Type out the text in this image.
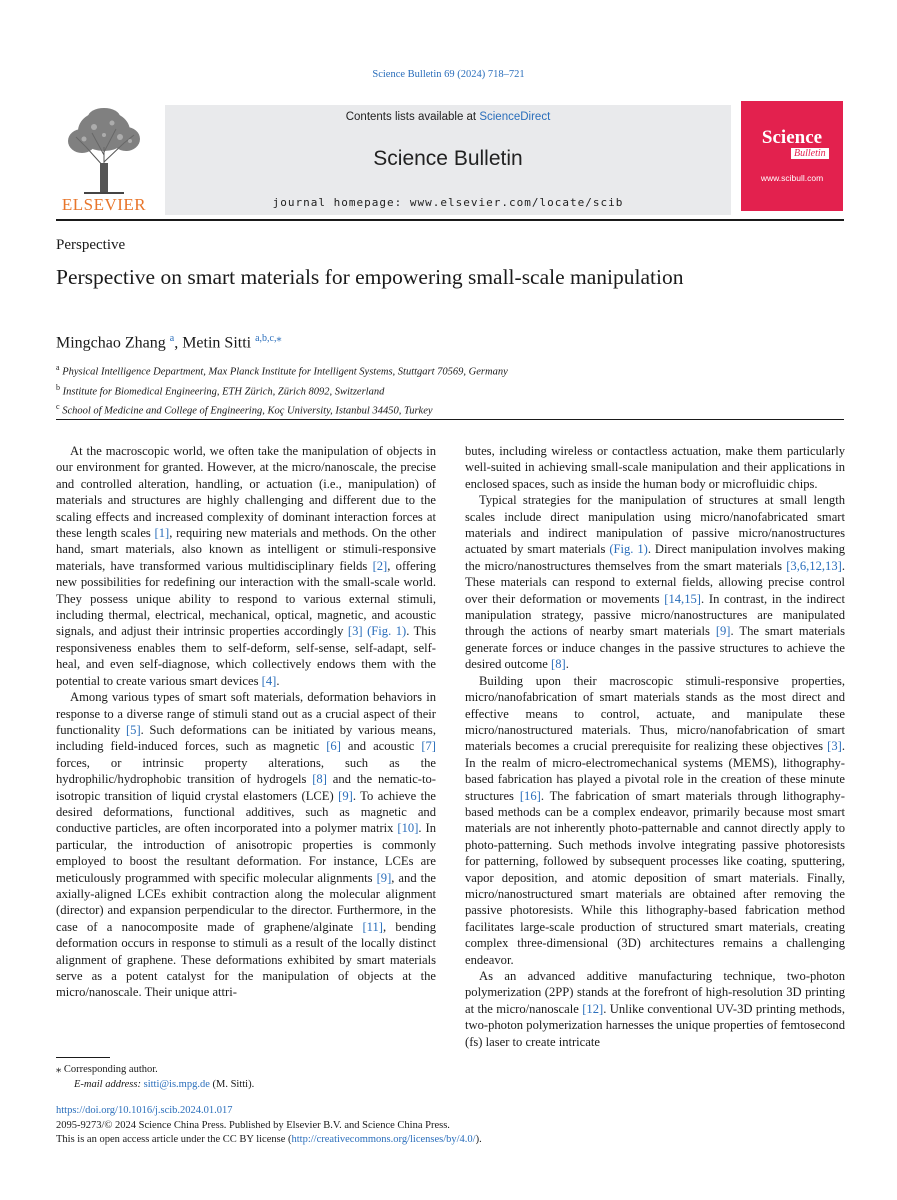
Science Bulletin 69 (2024) 718–721
ELSEVIER
Contents lists available at ScienceDirect
Science Bulletin
journal homepage: www.elsevier.com/locate/scib
Science
Bulletin
www.scibull.com
Perspective
Perspective on smart materials for empowering small-scale manipulation
Mingchao Zhang $^a$, Metin Sitti $^{a,b,c,⁎}$
$^a$ Physical Intelligence Department, Max Planck Institute for Intelligent Systems, Stuttgart 70569, Germany
$^b$ Institute for Biomedical Engineering, ETH Zürich, Zürich 8092, Switzerland
$^c$ School of Medicine and College of Engineering, Koç University, Istanbul 34450, Turkey

At the macroscopic world, we often take the manipulation of objects in our environment for granted. However, at the micro/nanoscale, the precise and controlled alteration, handling, or actuation (i.e., manipulation) of materials and structures are highly challenging and different due to the scaling effects and increased complexity of dominant interaction forces at these length scales [1], requiring new materials and methods. On the other hand, smart materials, also known as intelligent or stimuli-responsive materials, have transformed various multidisciplinary fields [2], offering new possibilities for redefining our interaction with the small-scale world. They possess unique ability to respond to various external stimuli, including thermal, electrical, mechanical, optical, magnetic, and acoustic signals, and adjust their intrinsic properties accordingly [3] (Fig. 1). This responsiveness enables them to self-deform, self-sense, self-adapt, self-heal, and even self-diagnose, which collectively endows them with the potential to create various smart devices [4].

Among various types of smart soft materials, deformation behaviors in response to a diverse range of stimuli stand out as a crucial aspect of their functionality [5]. Such deformations can be initiated by various means, including field-induced forces, such as magnetic [6] and acoustic [7] forces, or intrinsic property alterations, such as the hydrophilic/hydrophobic transition of hydrogels [8] and the nematic-to-isotropic transition of liquid crystal elastomers (LCE) [9]. To achieve the desired deformations, functional additives, such as magnetic and conductive particles, are often incorporated into a polymer matrix [10]. In particular, the introduction of anisotropic properties is commonly employed to boost the resultant deformation. For instance, LCEs are meticulously programmed with specific molecular alignments [9], and the axially-aligned LCEs exhibit contraction along the molecular alignment (director) and expansion perpendicular to the director. Furthermore, in the case of a nanocomposite made of graphene/alginate [11], bending deformation occurs in response to stimuli as a result of the locally distinct alignment of graphene. These deformations exhibited by smart materials serve as a potent catalyst for the manipulation of objects at the micro/nanoscale. Their unique attri-

butes, including wireless or contactless actuation, make them particularly well-suited in achieving small-scale manipulation and their applications in enclosed spaces, such as inside the human body or microfluidic chips.

Typical strategies for the manipulation of structures at small length scales include direct manipulation using micro/nanofabricated smart materials and indirect manipulation of passive micro/nanostructures actuated by smart materials (Fig. 1). Direct manipulation involves making the micro/nanostructures themselves from the smart materials [3,6,12,13]. These materials can respond to external fields, allowing precise control over their deformation or movements [14,15]. In contrast, in the indirect manipulation strategy, passive micro/nanostructures are manipulated through the actions of nearby smart materials [9]. The smart materials generate forces or induce changes in the passive structures to achieve the desired outcome [8].

Building upon their macroscopic stimuli-responsive properties, micro/nanofabrication of smart materials stands as the most direct and effective means to control, actuate, and manipulate these micro/nanostructured materials. Thus, micro/nanofabrication of smart materials becomes a crucial prerequisite for realizing these objectives [3]. In the realm of micro-electromechanical systems (MEMS), lithography-based fabrication has played a pivotal role in the creation of these minute structures [16]. The fabrication of smart materials through lithography-based methods can be a complex endeavor, primarily because most smart materials are not inherently photo-patternable and cannot directly apply to photo-patterning. Such methods involve integrating passive photoresists for patterning, followed by subsequent processes like coating, sputtering, vapor deposition, and atomic deposition of smart materials. Finally, micro/nanostructured smart materials are obtained after removing the passive photoresists. While this lithography-based fabrication method facilitates large-scale production of structured smart materials, creating complex three-dimensional (3D) architectures remains a challenging endeavor.

As an advanced additive manufacturing technique, two-photon polymerization (2PP) stands at the forefront of high-resolution 3D printing at the micro/nanoscale [12]. Unlike conventional UV-3D printing methods, two-photon polymerization harnesses the unique properties of femtosecond (fs) laser to create intricate

⁎ Corresponding author.
E-mail address: sitti@is.mpg.de (M. Sitti).
https://doi.org/10.1016/j.scib.2024.01.017
2095-9273/© 2024 Science China Press. Published by Elsevier B.V. and Science China Press.
This is an open access article under the CC BY license (http://creativecommons.org/licenses/by/4.0/).
